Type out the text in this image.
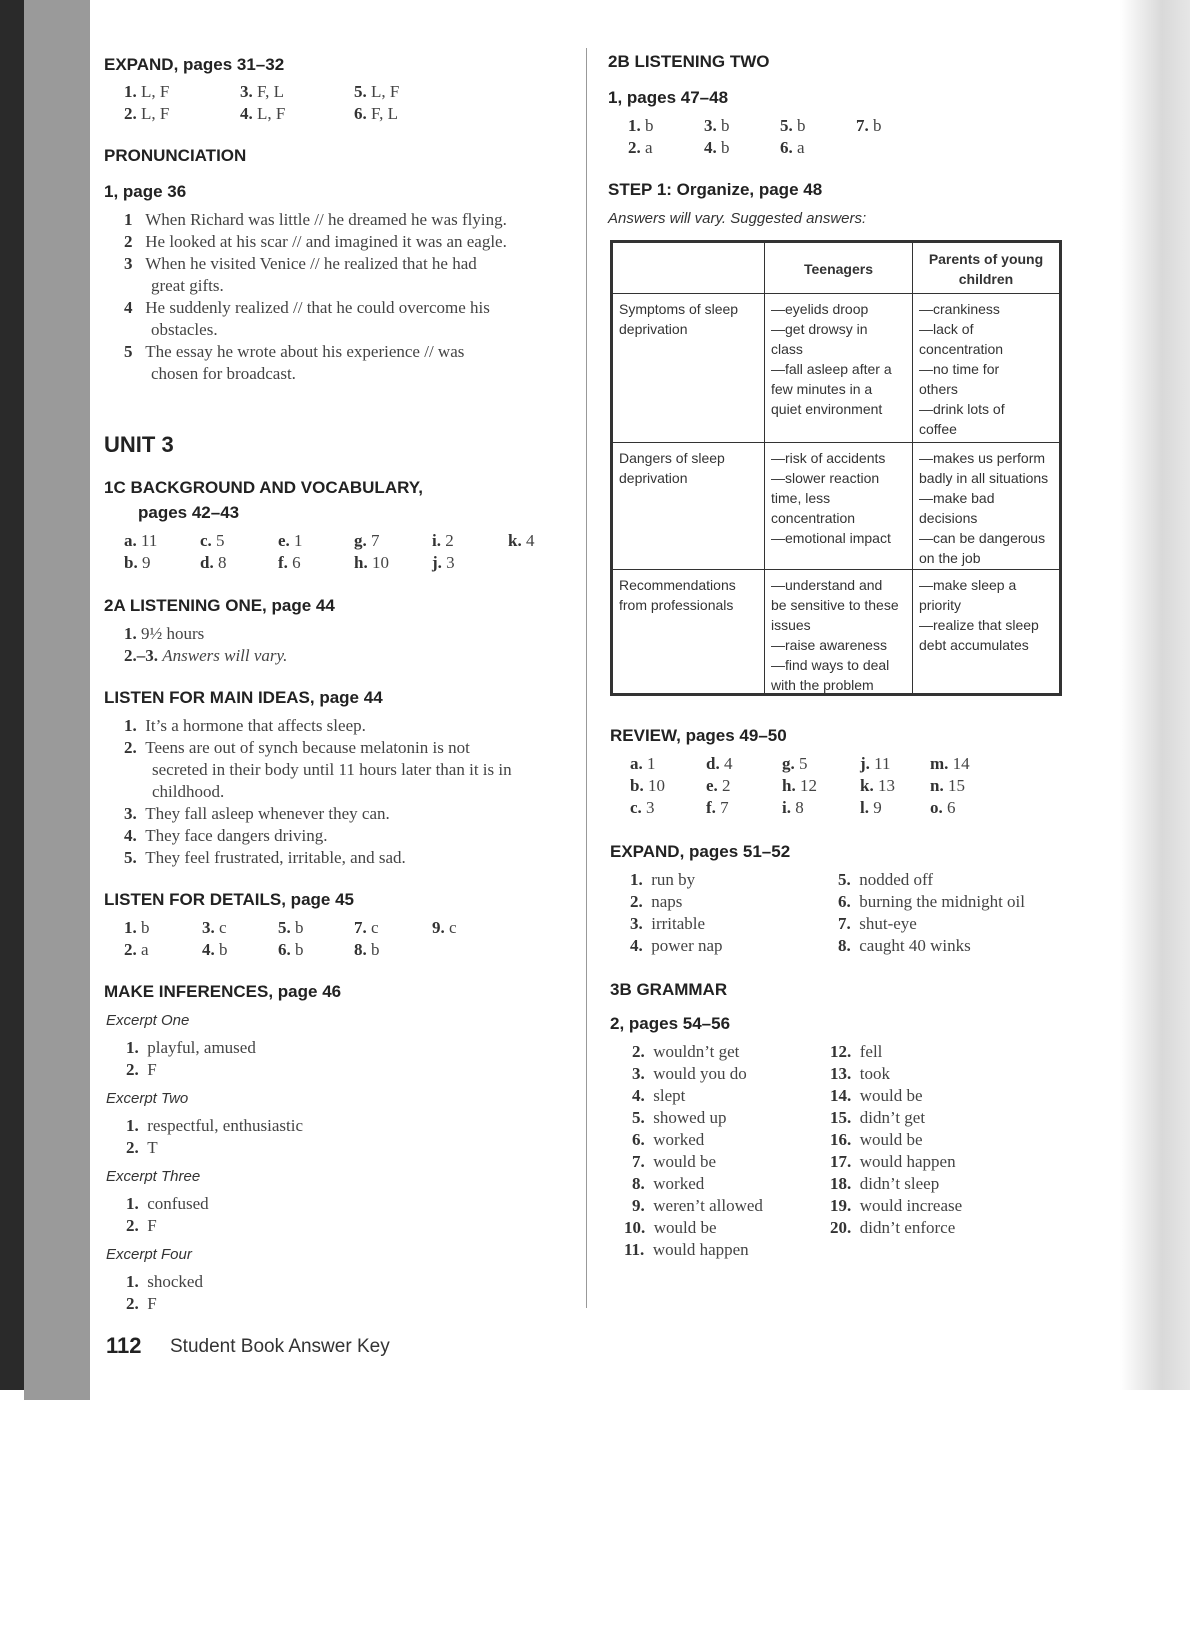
EXPAND, pages 31–32

1. L, F
2. L, F
3. F, L
4. L, F
5. L, F
6. F, L

PRONUNCIATION

1, page 36

1 When Richard was little // he dreamed he was flying.

2 He looked at his scar // and imagined it was an eagle.

3 When he visited Venice // he realized that he had

great gifts.

4 He suddenly realized // that he could overcome his

obstacles.

5 The essay he wrote about his experience // was

chosen for broadcast.

UNIT 3

1C BACKGROUND AND VOCABULARY,

pages 42–43

a. 11
b. 9
c. 5
d. 8
e. 1
f. 6
g. 7
h. 10
i. 2
j. 3
k. 4

2A LISTENING ONE, page 44

1. 9½ hours

2.–3. Answers will vary.

LISTEN FOR MAIN IDEAS, page 44

1. It’s a hormone that affects sleep.

2. Teens are out of synch because melatonin is not

secreted in their body until 11 hours later than it is in

childhood.

3. They fall asleep whenever they can.

4. They face dangers driving.

5. They feel frustrated, irritable, and sad.

LISTEN FOR DETAILS, page 45

1. b
2. a
3. c
4. b
5. b
6. b
7. c
8. b
9. c

MAKE INFERENCES, page 46

Excerpt One

1. playful, amused

2. F

Excerpt Two

1. respectful, enthusiastic

2. T

Excerpt Three

1. confused

2. F

Excerpt Four

1. shocked

2. F

112 Student Book Answer Key

2B LISTENING TWO

1, pages 47–48

1. b
2. a
3. b
4. b
5. b
6. a
7. b

STEP 1: Organize, page 48

Answers will vary. Suggested answers:

Teenagers
Parents of young children
Symptoms of sleep
deprivation
—eyelids droop
—get drowsy in
class
—fall asleep after a
few minutes in a
quiet environment
—crankiness
—lack of
concentration
—no time for
others
—drink lots of
coffee
Dangers of sleep
deprivation
—risk of accidents
—slower reaction
time, less
concentration
—emotional impact
—makes us perform
badly in all situations
—make bad
decisions
—can be dangerous
on the job
Recommendations
from professionals
—understand and
be sensitive to these
issues
—raise awareness
—find ways to deal
with the problem
—make sleep a
priority
—realize that sleep
debt accumulates

REVIEW, pages 49–50

a. 1
b. 10
c. 3
d. 4
e. 2
f. 7
g. 5
h. 12
i. 8
j. 11
k. 13
l. 9
m. 14
n. 15
o. 6

EXPAND, pages 51–52

1. run by
2. naps
3. irritable
4. power nap
5. nodded off
6. burning the midnight oil
7. shut-eye
8. caught 40 winks

3B GRAMMAR

2, pages 54–56

2. wouldn’t get
3. would you do
4. slept
5. showed up
6. worked
7. would be
8. worked
9. weren’t allowed
10. would be
11. would happen
12. fell
13. took
14. would be
15. didn’t get
16. would be
17. would happen
18. didn’t sleep
19. would increase
20. didn’t enforce
